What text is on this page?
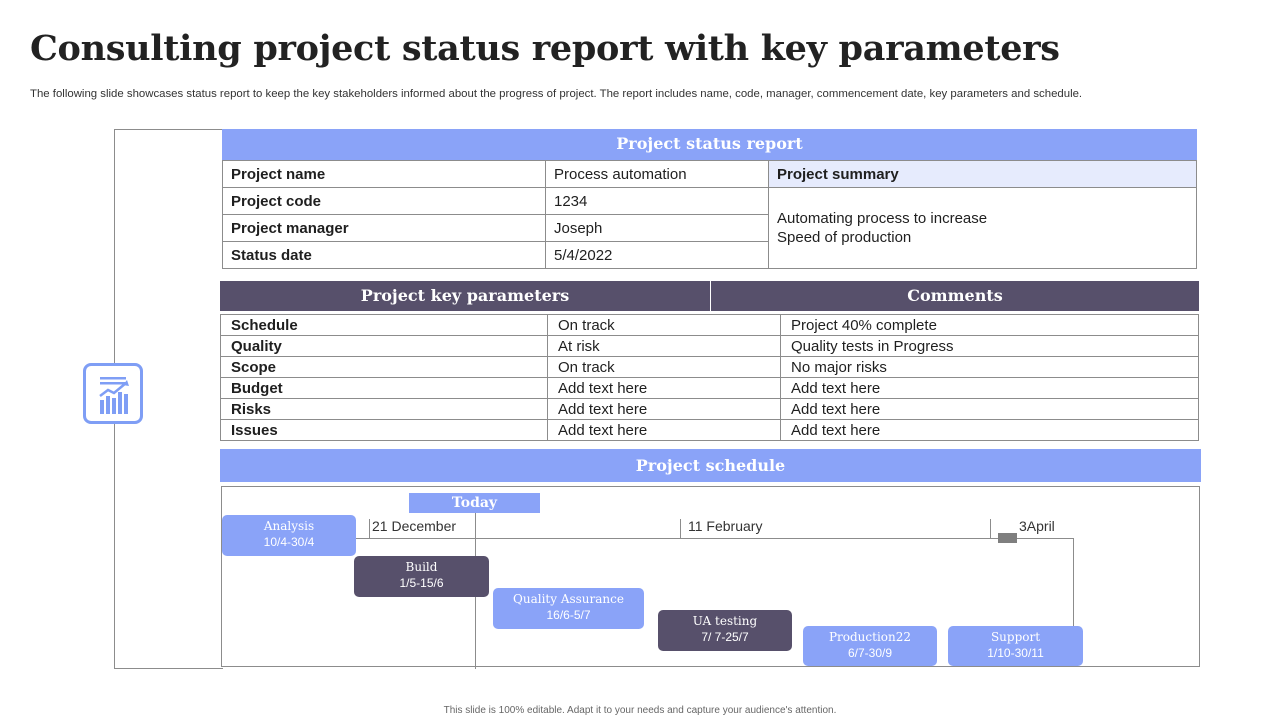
Consulting project status report with key parameters
The following slide showcases status report to keep the key stakeholders informed about the progress of project. The report includes name, code, manager, commencement date, key parameters and schedule.
Project status report
Project name	Process automation	Project summary
Project code	1234	Automating process to increase
Speed of production

Project manager	Joseph	
Status date	5/4/2022	
Project key parameters	Comments
Schedule	On track	Project 40% complete
Quality	At risk	Quality tests in Progress
Scope	On track	No major risks
Budget	Add text here	Add text here
Risks	Add text here	Add text here
Issues	Add text here	Add text here
Project schedule
Today
21 December	11 February	3April
Analysis
10/4-30/4
Build
1/5-15/6
Quality Assurance
16/6-5/7	UA testing
7/ 7-25/7	Production22
6/7-30/9
Support
1/10-30/11
This slide is 100% editable. Adapt it to your needs and capture your audience's attention.
